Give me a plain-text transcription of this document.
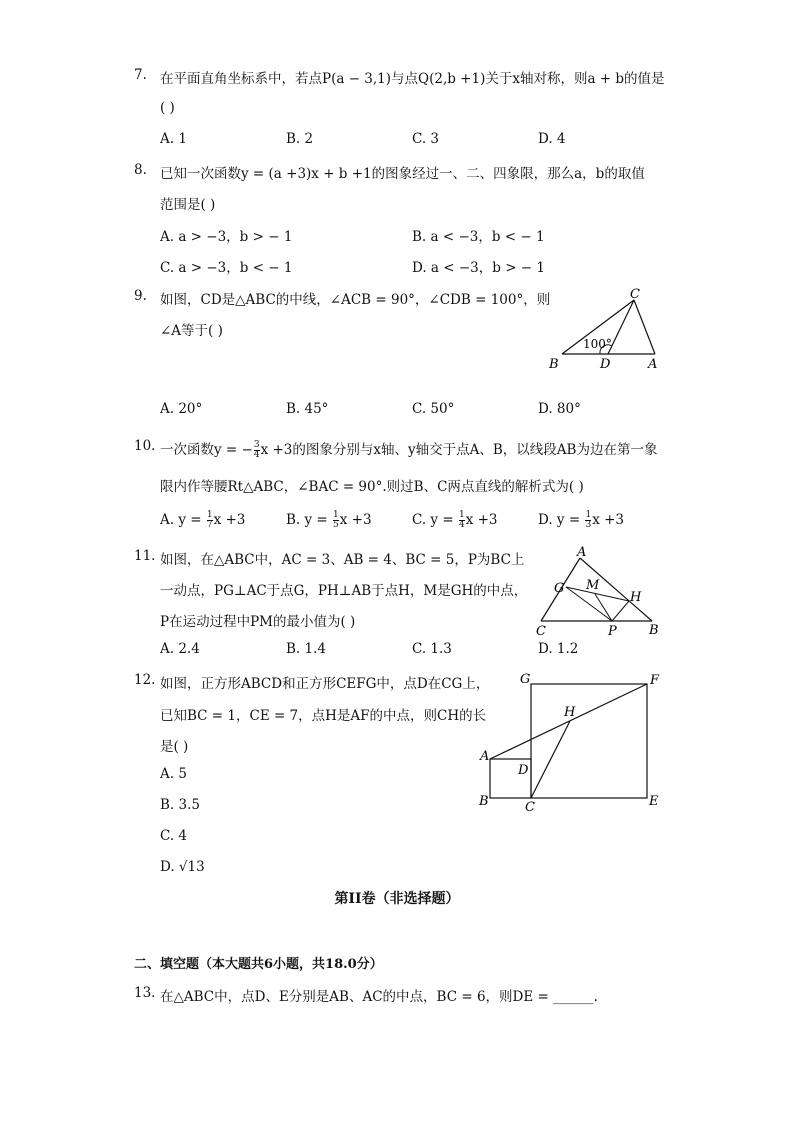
7. 在平面直角坐标系中，若点P(a − 3,1)与点Q(2,b +1)关于x轴对称，则a + b的值是
( )
A. 1	B. 2	C. 3	D. 4
8. 已知一次函数y = (a +3)x + b +1的图象经过一、二、四象限，那么a，b的取值
范围是( )
A. a > −3，b > − 1	B. a < −3，b < − 1
C. a > −3，b < − 1	D. a < −3，b > − 1
9. 如图，CD是△ABC的中线，∠ACB = 90°，∠CDB = 100°，则
∠A等于( )
C
B	D	A
100°
A. 20°	B. 45°	C. 50°	D. 80°
10. 一次函数y = − $\frac{3}{4}$ x +3的图象分别与x轴、y轴交于点A、B，以线段AB为边在第一象
限内作等腰Rt△ABC，∠BAC = 90°.则过B、C两点直线的解析式为( )
A. $y = \frac{1}{7}$ x +3	B. $y = \frac{1}{5}$ x +3	C. $y = \frac{1}{4}$ x +3	D. $y = \frac{1}{3}$ x +3
11. 如图，在△ABC中，AC = 3、AB = 4、BC = 5，P为BC上
一动点，PG⊥AC于点G，PH⊥AB于点H，M是GH的中点，
P在运动过程中PM的最小值为( )
A
G M
H
C	P B
A. 2.4	B. 1.4	C. 1.3	D. 1.2
12. 如图，正方形ABCD和正方形CEFG中，点D在CG上，
已知BC = 1，CE = 7，点H是AF的中点，则CH的长
是( )
A. 5
B. 3.5
C. 4
D. √13
G	F
H
A
D
B	C	E
第II卷（非选择题）
二、填空题（本大题共6小题，共18.0分）
13. 在△ABC中，点D、E分别是AB、AC的中点，BC = 6，则DE = ______.
